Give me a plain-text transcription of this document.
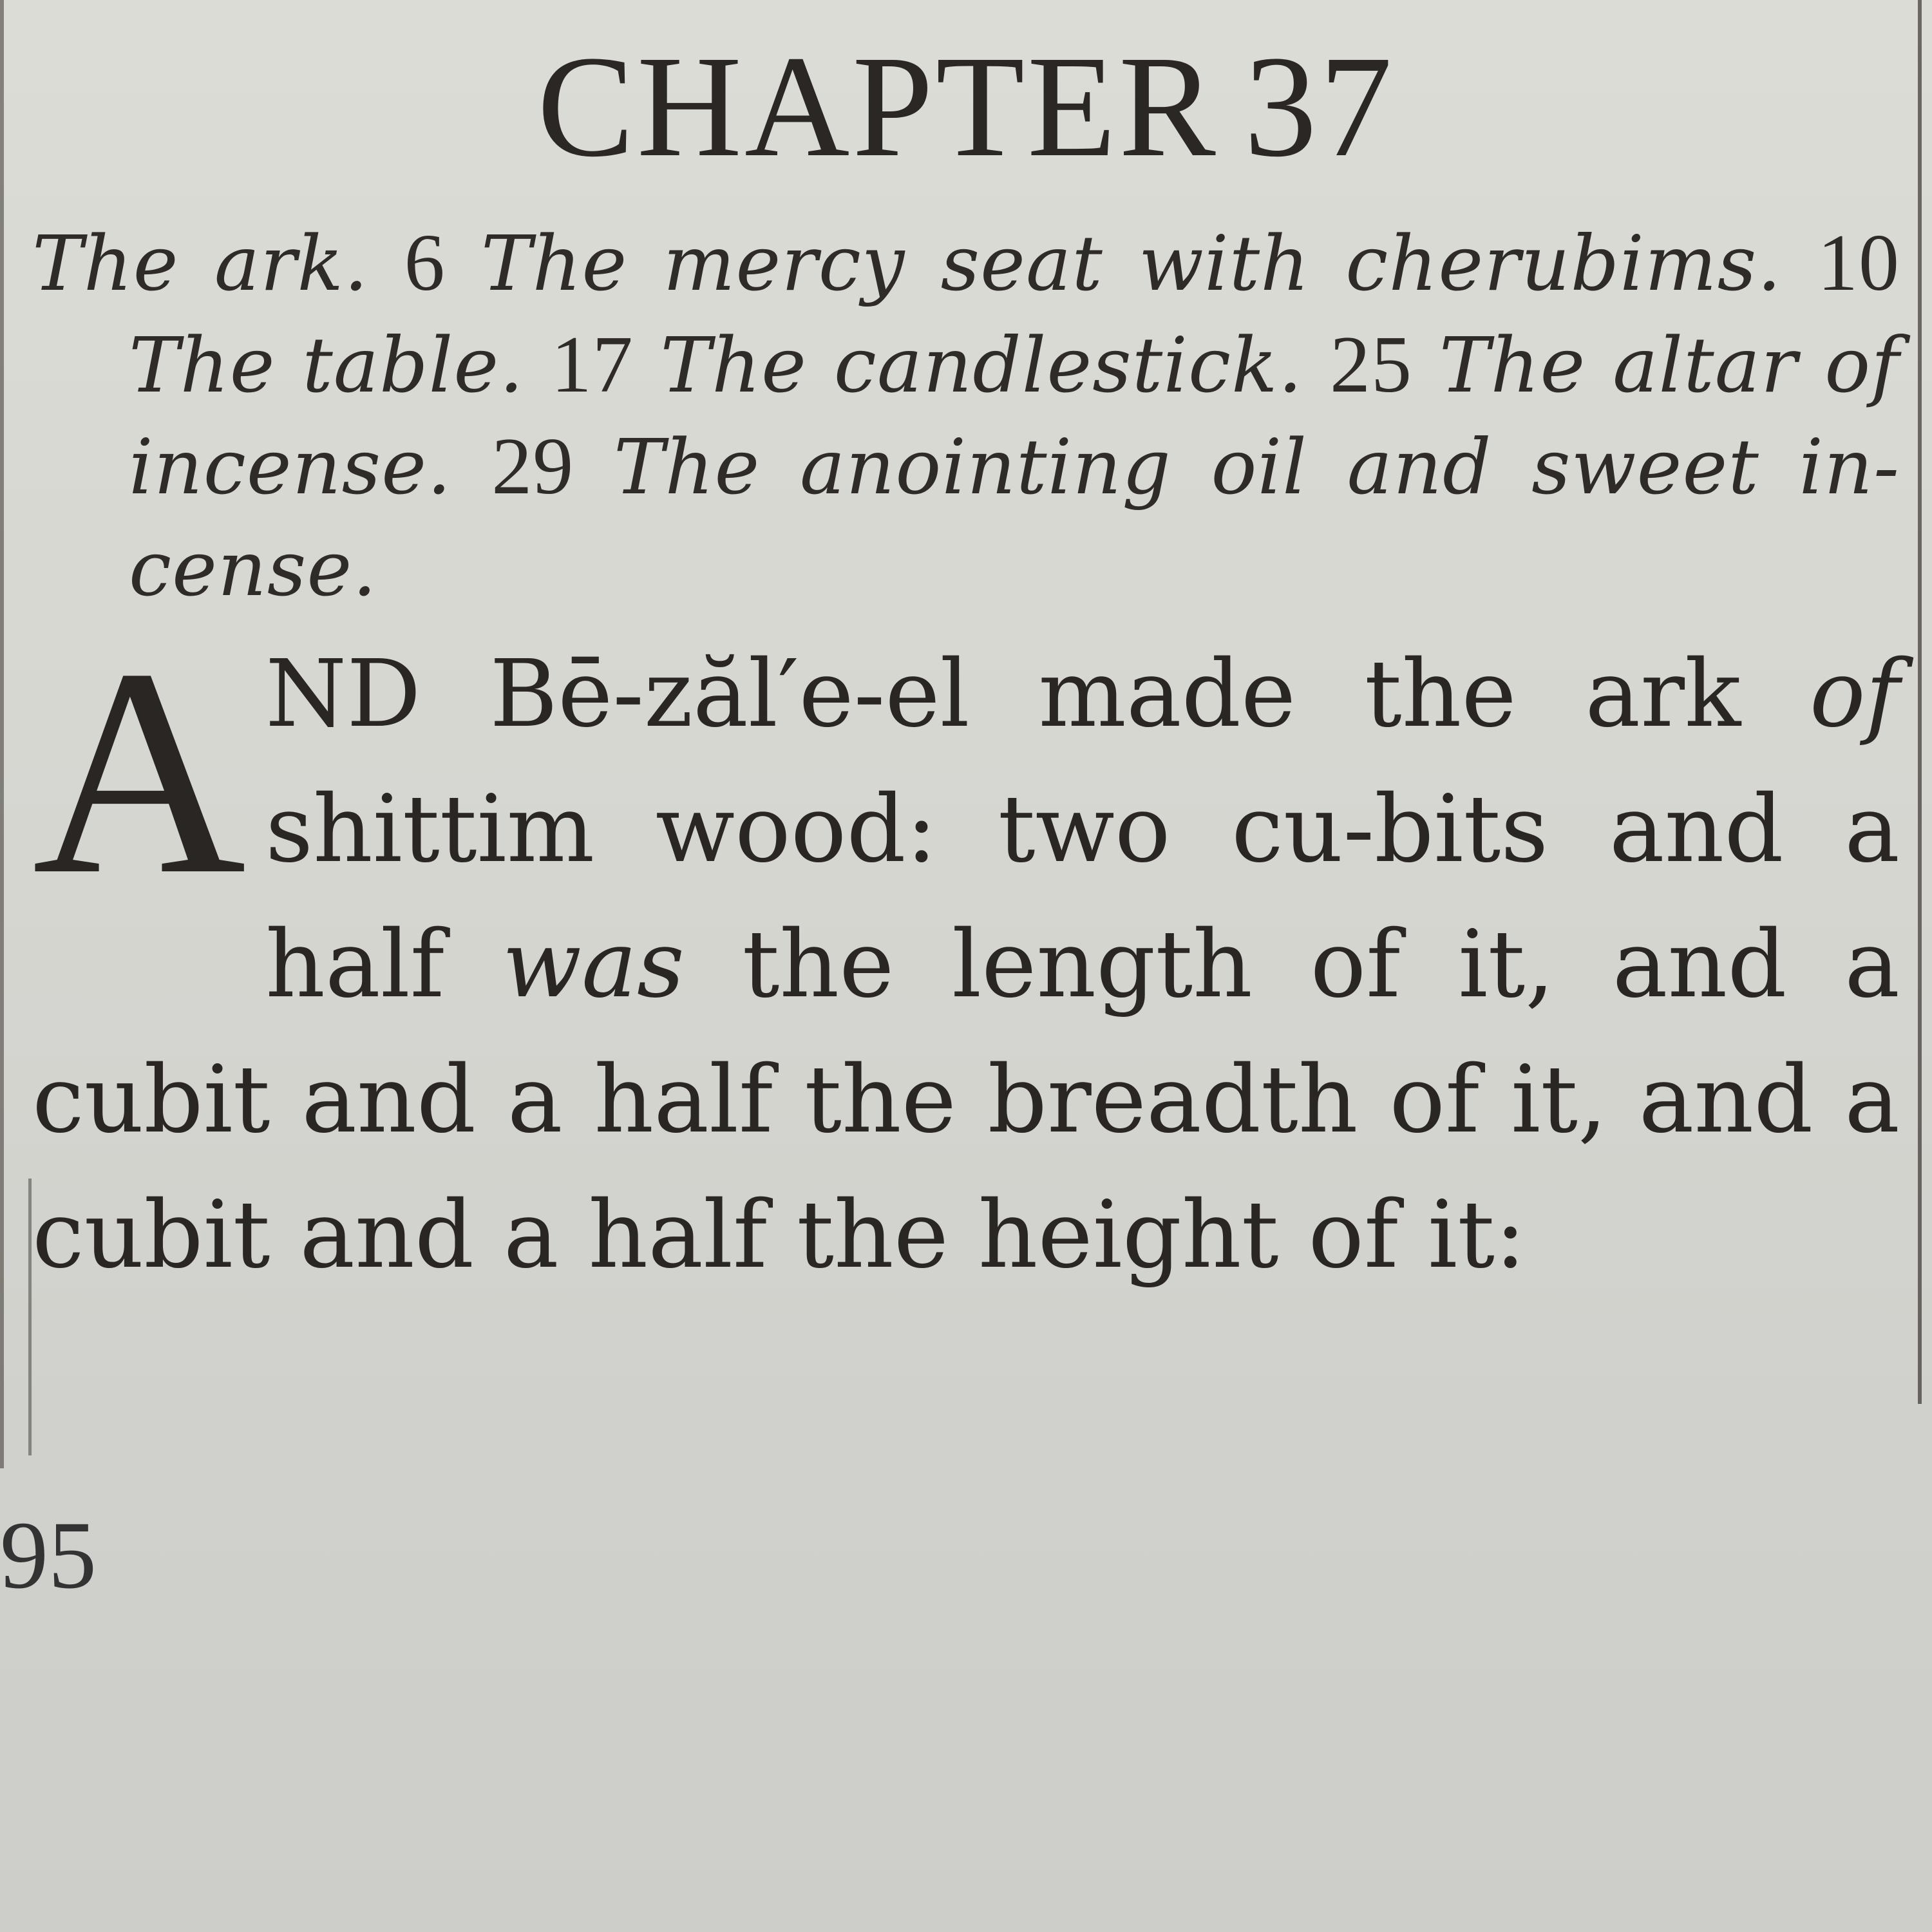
CHAPTER 37

The ark. 6 The mercy seat with cherubims. 10 The table. 17 The candlestick. 25 The altar of incense. 29 The anointing oil and sweet in-cense.

AND Bē-zăl′e-el made the ark of shittim wood: two cu-bits and a half was the length of it, and a cubit and a half the breadth of it, and a cubit and a half the height of it:

95
